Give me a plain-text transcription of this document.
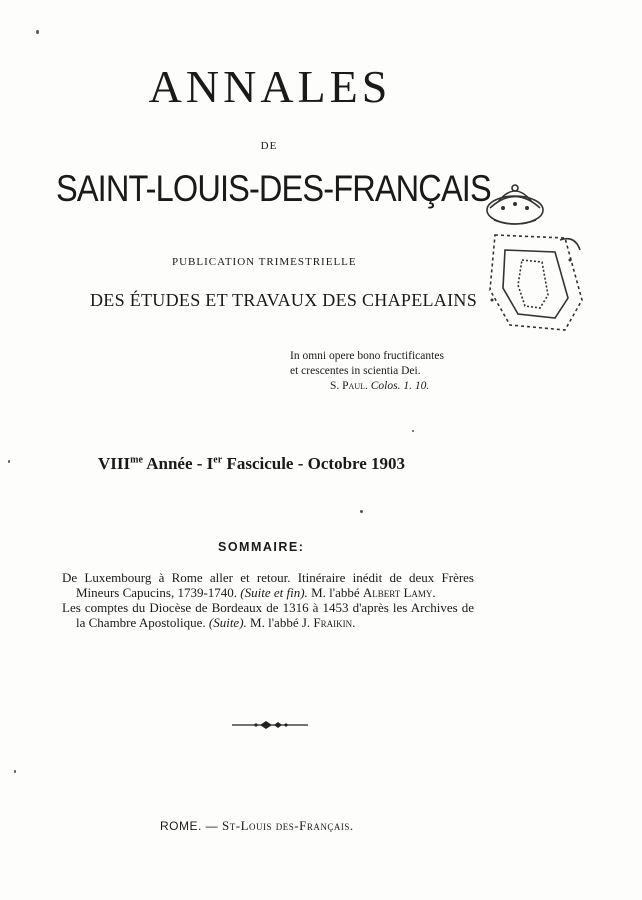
ANNALES
DE
SAINT-LOUIS-DES-FRANÇAIS
PUBLICATION TRIMESTRIELLE
DES ÉTUDES ET TRAVAUX DES CHAPELAINS
In omni opere bono fructificantes
et crescentes in scientia Dei.
S. Paul. Colos. 1. 10.
$VIII^{me}$ Année - Ier Fascicule - Octobre 1903
SOMMAIRE:

De Luxembourg à Rome aller et retour. Itinéraire inédit de deux Frères Mineurs Capucins, 1739-1740. (Suite et fin). M. l'abbé Albert Lamy.

Les comptes du Diocèse de Bordeaux de 1316 à 1453 d'après les Archives de la Chambre Apostolique. (Suite). M. l'abbé J. Fraikin.

ROME. — St-Louis des-Français.
